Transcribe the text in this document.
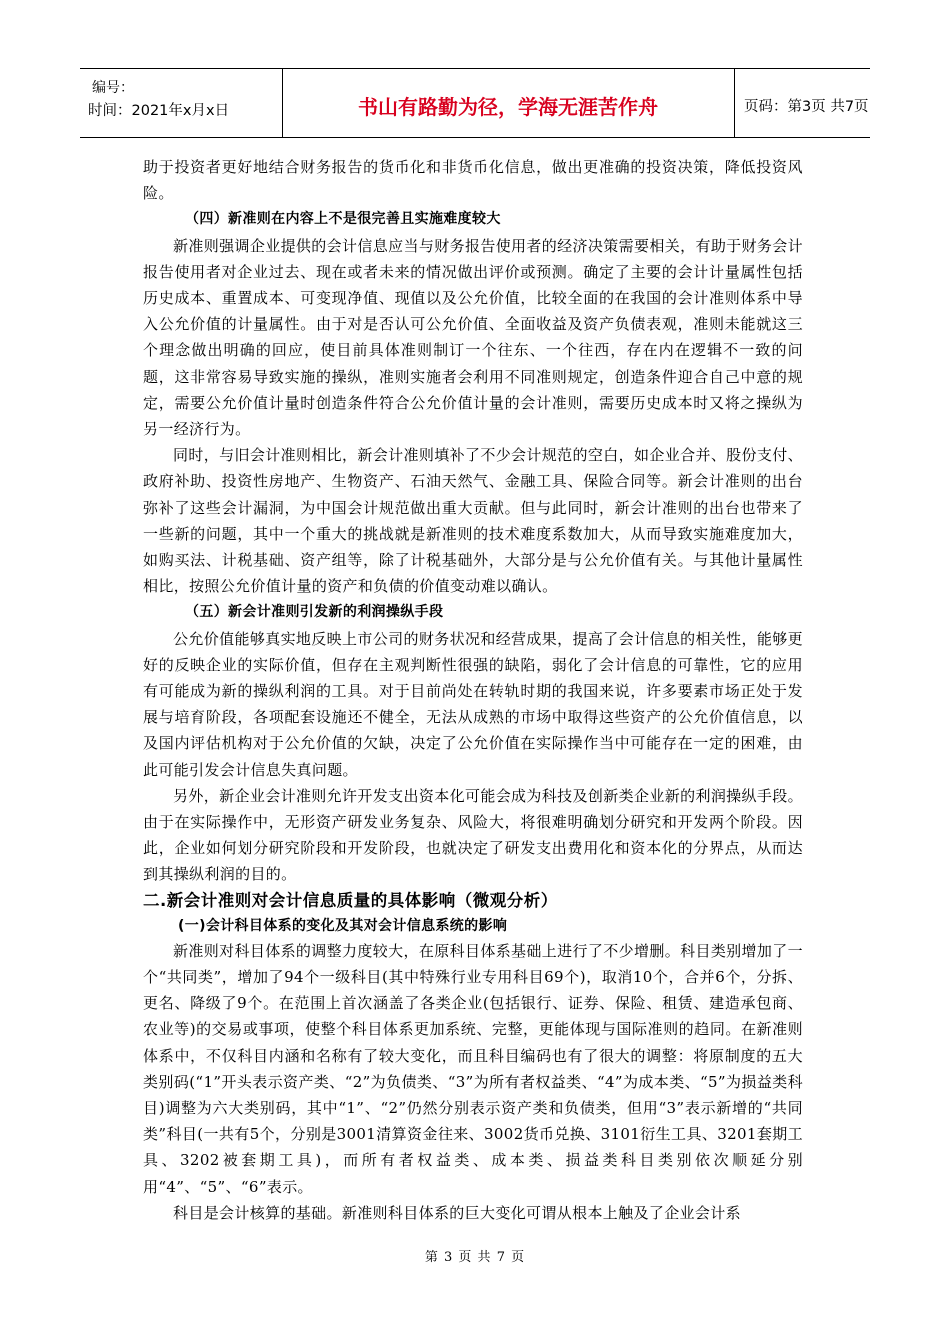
编号：
时间：2021年x月x日	书山有路勤为径，学海无涯苦作舟	页码：第3页 共7页

助于投资者更好地结合财务报告的货币化和非货币化信息，做出更准确的投资决策，降低投资风险。

（四）新准则在内容上不是很完善且实施难度较大

新准则强调企业提供的会计信息应当与财务报告使用者的经济决策需要相关，有助于财务会计报告使用者对企业过去、现在或者未来的情况做出评价或预测。确定了主要的会计计量属性包括历史成本、重置成本、可变现净值、现值以及公允价值，比较全面的在我国的会计准则体系中导入公允价值的计量属性。由于对是否认可公允价值、全面收益及资产负债表观，准则未能就这三个理念做出明确的回应，使目前具体准则制订一个往东、一个往西，存在内在逻辑不一致的问题，这非常容易导致实施的操纵，准则实施者会利用不同准则规定，创造条件迎合自己中意的规定，需要公允价值计量时创造条件符合公允价值计量的会计准则，需要历史成本时又将之操纵为另一经济行为。

同时，与旧会计准则相比，新会计准则填补了不少会计规范的空白，如企业合并、股份支付、政府补助、投资性房地产、生物资产、石油天然气、金融工具、保险合同等。新会计准则的出台弥补了这些会计漏洞，为中国会计规范做出重大贡献。但与此同时，新会计准则的出台也带来了一些新的问题，其中一个重大的挑战就是新准则的技术难度系数加大，从而导致实施难度加大，如购买法、计税基础、资产组等，除了计税基础外，大部分是与公允价值有关。与其他计量属性相比，按照公允价值计量的资产和负债的价值变动难以确认。

（五）新会计准则引发新的利润操纵手段

公允价值能够真实地反映上市公司的财务状况和经营成果，提高了会计信息的相关性，能够更好的反映企业的实际价值，但存在主观判断性很强的缺陷，弱化了会计信息的可靠性，它的应用有可能成为新的操纵利润的工具。对于目前尚处在转轨时期的我国来说，许多要素市场正处于发展与培育阶段，各项配套设施还不健全，无法从成熟的市场中取得这些资产的公允价值信息，以及国内评估机构对于公允价值的欠缺，决定了公允价值在实际操作当中可能存在一定的困难，由此可能引发会计信息失真问题。

另外，新企业会计准则允许开发支出资本化可能会成为科技及创新类企业新的利润操纵手段。由于在实际操作中，无形资产研发业务复杂、风险大，将很难明确划分研究和开发两个阶段。因此，企业如何划分研究阶段和开发阶段，也就决定了研发支出费用化和资本化的分界点，从而达到其操纵利润的目的。

二.新会计准则对会计信息质量的具体影响（微观分析）

(一)会计科目体系的变化及其对会计信息系统的影响

新准则对科目体系的调整力度较大，在原科目体系基础上进行了不少增删。科目类别增加了一个“共同类”，增加了94个一级科目(其中特殊行业专用科目69个)，取消10个，合并6个，分拆、更名、降级了9个。在范围上首次涵盖了各类企业(包括银行、证券、保险、租赁、建造承包商、农业等)的交易或事项，使整个科目体系更加系统、完整，更能体现与国际准则的趋同。在新准则体系中，不仅科目内涵和名称有了较大变化，而且科目编码也有了很大的调整：将原制度的五大类别码(“1”开头表示资产类、“2”为负债类、“3”为所有者权益类、“4”为成本类、“5”为损益类科目)调整为六大类别码，其中“1”、“2”仍然分别表示资产类和负债类，但用“3”表示新增的“共同类”科目(一共有5个，分别是3001清算资金往来、3002货币兑换、3101衍生工具、3201套期工具、3202被套期工具)，而所有者权益类、成本类、损益类科目类别依次顺延分别用“4”、“5”、“6”表示。

科目是会计核算的基础。新准则科目体系的巨大变化可谓从根本上触及了企业会计系

第 3 页 共 7 页
